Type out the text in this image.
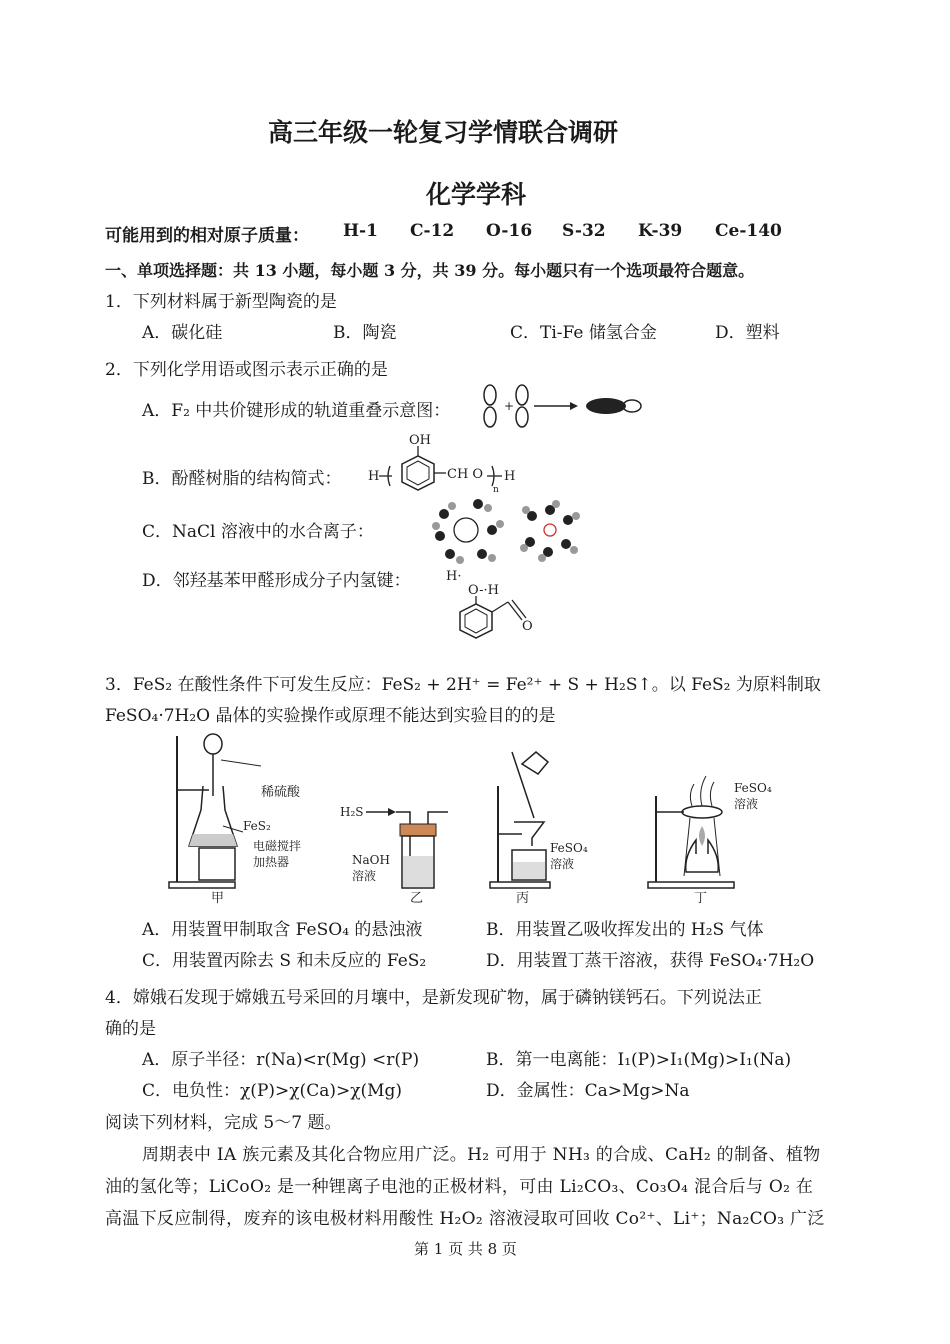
高三年级一轮复习学情联合调研
化学学科
可能用到的相对原子质量： H-1 C-12 O-16 S-32 K-39 Ce-140
一、单项选择题：共 13 小题，每小题 3 分，共 39 分。每小题只有一个选项最符合题意。
1．下列材料属于新型陶瓷的是
A．碳化硅	B．陶瓷	C．Ti-Fe 储氢合金	D．塑料
2．下列化学用语或图示表示正确的是
A．F₂ 中共价键形成的轨道重叠示意图：	+
B．酚醛树脂的结构简式： H
OH
CH O
n
H
C．NaCl 溶液中的水合离子：
D．邻羟基苯甲醛形成分子内氢键：	H·
O-·H
O
3．FeS₂ 在酸性条件下可发生反应：FeS₂ + 2H⁺ = Fe²⁺ + S + H₂S↑。以 FeS₂ 为原料制取
FeSO₄·7H₂O 晶体的实验操作或原理不能达到实验目的的是
稀硫酸
FeS₂
电磁搅拌
加热器
甲
H₂S
NaOH
溶液
乙
FeSO₄
溶液
丙
FeSO₄
溶液
丁
A．用装置甲制取含 FeSO₄ 的悬浊液	B．用装置乙吸收挥发出的 H₂S 气体
C．用装置丙除去 S 和未反应的 FeS₂	D．用装置丁蒸干溶液，获得 FeSO₄·7H₂O
4．嫦娥石发现于嫦娥五号采回的月壤中，是新发现矿物，属于磷钠镁钙石。下列说法正
确的是
A．原子半径：r(Na)<r(Mg) <r(P)	B．第一电离能：I₁(P)>I₁(Mg)>I₁(Na)
C．电负性：χ(P)>χ(Ca)>χ(Mg)	D．金属性：Ca>Mg>Na
阅读下列材料，完成 5～7 题。
周期表中 IA 族元素及其化合物应用广泛。H₂ 可用于 NH₃ 的合成、CaH₂ 的制备、植物
油的氢化等；LiCoO₂ 是一种锂离子电池的正极材料，可由 Li₂CO₃、Co₃O₄ 混合后与 O₂ 在
高温下反应制得，废弃的该电极材料用酸性 H₂O₂ 溶液浸取可回收 Co²⁺、Li⁺；Na₂CO₃ 广泛
第 1 页 共 8 页
